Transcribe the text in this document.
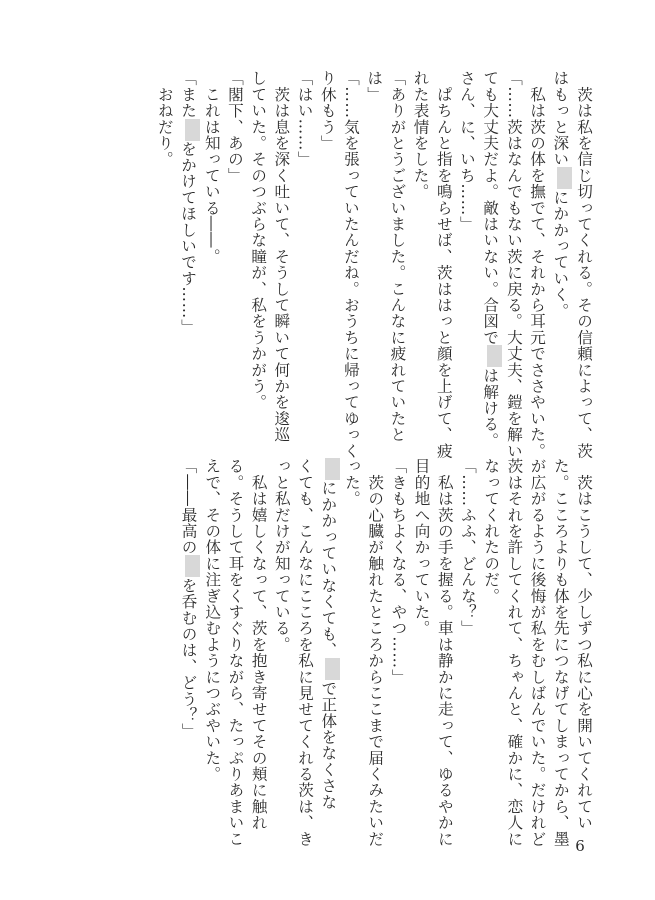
　茨は私を信じ切ってくれる。その信頼によって、茨
はもっと深いにかかっていく。
　私は茨の体を撫でて、それから耳元でささやいた。
「……茨はなんでもない茨に戻る。大丈夫、鎧を解い
ても大丈夫だよ。敵はいない。合図では解ける。
さん、に、いち……」
　ぱちんと指を鳴らせば、茨ははっと顔を上げて、疲
れた表情をした。
「ありがとうございました。こんなに疲れていたと
は」
「……気を張っていたんだね。おうちに帰ってゆっく
り休もう」
「はい……」
　茨は息を深く吐いて、そうして瞬いて何かを逡巡
していた。そのつぶらな瞳が、私をうかがう。
「閣下、あの」
　これは知っている――。
「またをかけてほしいです……」
　おねだり。
　茨はこうして、少しずつ私に心を開いてくれてい
た。こころよりも体を先につなげてしまってから、墨
が広がるように後悔が私をむしばんでいた。だけれど
茨はそれを許してくれて、ちゃんと、確かに、恋人に
なってくれたのだ。
「……ふふ、どんな？」
　私は茨の手を握る。車は静かに走って、ゆるやかに
目的地へ向かっていた。
「きもちよくなる、やつ……」
　茨の心臓が触れたところからここまで届くみたいだ
った。
にかかっていなくても、で正体をなくさな
くても、こんなにこころを私に見せてくれる茨は、き
っと私だけが知っている。
　私は嬉しくなって、茨を抱き寄せてその頬に触れ
る。そうして耳をくすぐりながら、たっぷりあまいこ
えで、その体に注ぎ込むようにつぶやいた。
「――最高のを呑むのは、どう？」
6
